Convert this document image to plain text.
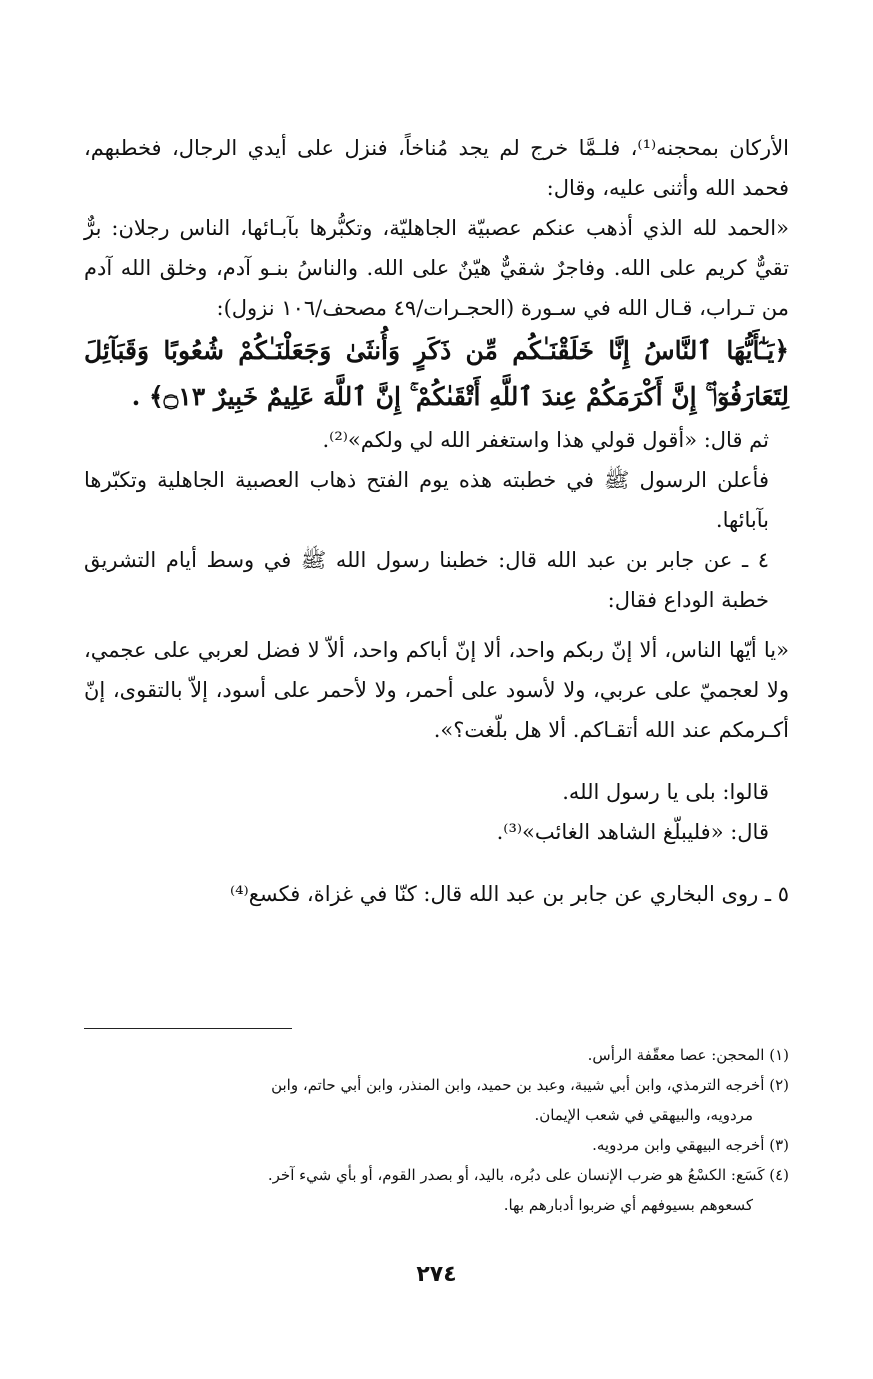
الأركان بمحجنه⁽¹⁾، فلـمَّا خرج لم يجد مُناخاً، فنزل على أيدي الرجال، فخطبهم، فحمد الله وأثنى عليه، وقال:

«الحمد لله الذي أذهب عنكم عصبيّة الجاهليّة، وتكبُّرها بآبـائها، الناس رجلان: برٌّ تقيٌّ كريم على الله. وفاجرٌ شقيٌّ هيّنٌ على الله. والناسُ بنـو آدم، وخلق الله آدم من تـراب، قـال الله في سـورة (الحجـرات/٤٩ مصحف/١٠٦ نزول):

﴿يَـٰٓأَيُّهَا ٱلنَّاسُ إِنَّا خَلَقْنَـٰكُم مِّن ذَكَرٍ وَأُنثَىٰ وَجَعَلْنَـٰكُمْ شُعُوبًا وَقَبَآئِلَ لِتَعَارَفُوٓا۟ ۚ إِنَّ أَكْرَمَكُمْ عِندَ ٱللَّهِ أَتْقَىٰكُمْ ۚ إِنَّ ٱللَّهَ عَلِيمٌ خَبِيرٌ ۝١٣﴾ .

ثم قال: «أقول قولي هذا واستغفر الله لي ولكم»⁽²⁾.

فأعلن الرسول ﷺ في خطبته هذه يوم الفتح ذهاب العصبية الجاهلية وتكبّرها بآبائها.

٤ ـ عن جابر بن عبد الله قال: خطبنا رسول الله ﷺ في وسط أيام التشريق خطبة الوداع فقال:

«يا أيّها الناس، ألا إنّ ربكم واحد، ألا إنّ أباكم واحد، ألاّ لا فضل لعربي على عجمي، ولا لعجميّ على عربي، ولا لأسود على أحمر، ولا لأحمر على أسود، إلاّ بالتقوى، إنّ أكـرمكم عند الله أتقـاكم. ألا هل بلّغت؟».

قالوا: بلى يا رسول الله.

قال: «فليبلّغ الشاهد الغائب»⁽³⁾.

٥ ـ روى البخاري عن جابر بن عبد الله قال: كنّا في غزاة، فكسع⁽⁴⁾

(١) المحجن: عصا معقّفة الرأس.

(٢) أخرجه الترمذي، وابن أبي شيبة، وعبد بن حميد، وابن المنذر، وابن أبي حاتم، وابن

مردويه، والبيهقي في شعب الإيمان.

(٣) أخرجه البيهقي وابن مردويه.

(٤) كَسَع: الكسْعُ هو ضرب الإنسان على دبُره، باليد، أو بصدر القوم، أو بأي شيء آخر.

كسعوهم بسيوفهم أي ضربوا أدبارهم بها.

٢٧٤
